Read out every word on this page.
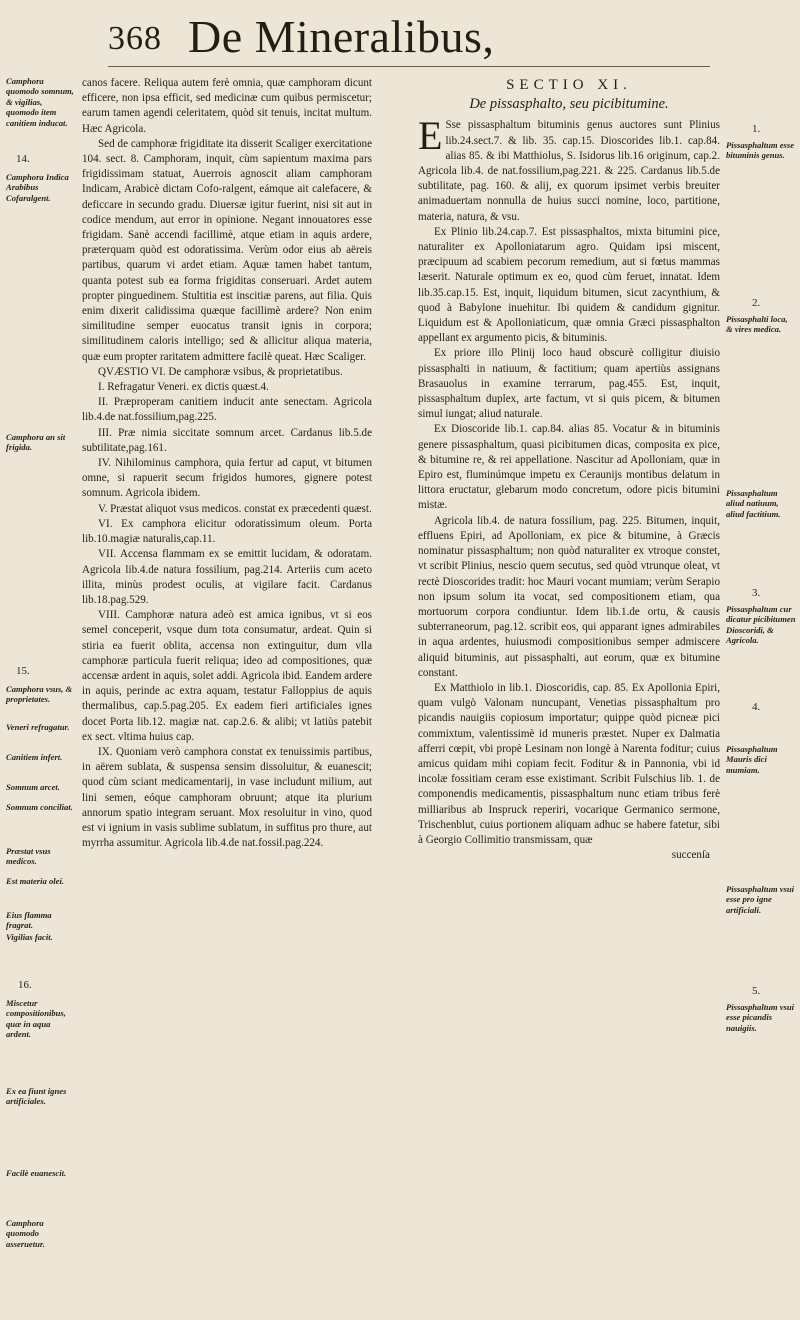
368 De Mineralibus,
Camphora quomodo somnum, & vigilias, quomodo item canitiem inducat.
14.
Camphora Indica Arabibus Cofaralgent.
Camphora an sit frigida.
15.
Camphora vsus, & proprietates.
Veneri refragatur.
Canitiem infert.
Somnum arcet.
Somnum conciliat.
Præstat vsus medicos.
Est materia olei.
Eius flamma fragrat.
Vigilias facit.
16.
Miscetur compositionibus, quæ in aqua ardent.
Ex ea fiunt ignes artificiales.
Facilè euanescit.
Camphora quomodo asseruetur.

canos facere. Reliqua autem ferè omnia, quæ camphoram dicunt efficere, non ipsa efficit, sed medicinæ cum quibus permiscetur; earum tamen agendi celeritatem, quòd sit tenuis, incitat multum. Hæc Agricola.

Sed de camphoræ frigiditate ita disserit Scaliger exercitatione 104. sect. 8. Camphoram, inquit, cùm sapientum maxima pars frigidissimam statuat, Auerrois agnoscit aliam camphoram Indicam, Arabicè dictam Cofo-ralgent, eámque ait calefacere, & deficcare in secundo gradu. Diuersæ igitur fuerint, nisi sit aut in codice mendum, aut error in opinione. Negant innouatores esse frigidam. Sanè accendi facillimè, atque etiam in aquis ardere, præterquam quòd est odoratissima. Verùm odor eius ab aëreis partibus, quarum vi ardet etiam. Aquæ tamen habet tantum, quanta potest sub ea forma frigiditas conseruari. Ardet autem propter pinguedinem. Stultitia est inscitiæ parens, aut filia. Quis enim dixerit calidissima quæque facillimè ardere? Non enim similitudine semper euocatus transit ignis in corpora; similitudinem caloris intelligo; sed & allicitur aliqua materia, quæ eum propter raritatem admittere facilè queat. Hæc Scaliger.

QVÆSTIO VI. De camphoræ vsibus, & proprietatibus.

I. Refragatur Veneri. ex dictis quæst.4.

II. Præproperam canitiem inducit ante senectam. Agricola lib.4.de nat.fossilium,pag.225.

III. Præ nimia siccitate somnum arcet. Cardanus lib.5.de subtilitate,pag.161.

IV. Nihilominus camphora, quia fertur ad caput, vt bitumen omne, si rapuerit secum frigidos humores, gignere potest somnum. Agricola ibidem.

V. Præstat aliquot vsus medicos. constat ex præcedenti quæst.

VI. Ex camphora elicitur odoratissimum oleum. Porta lib.10.magiæ naturalis,cap.11.

VII. Accensa flammam ex se emittit lucidam, & odoratam. Agricola lib.4.de natura fossilium, pag.214. Arteriis cum aceto illita, minùs prodest oculis, at vigilare facit. Cardanus lib.18.pag.529.

VIII. Camphoræ natura adeò est amica ignibus, vt si eos semel conceperit, vsque dum tota consumatur, ardeat. Quin si stiria ea fuerit oblita, accensa non extinguitur, dum vlla camphoræ particula fuerit reliqua; ideo ad compositiones, quæ accensæ ardent in aquis, solet addi. Agricola ibid. Eandem ardere in aquis, perinde ac extra aquam, testatur Falloppius de aquis thermalibus, cap.5.pag.205. Ex eadem fieri artificiales ignes docet Porta lib.12. magiæ nat. cap.2.6. & alibi; vt latiùs patebit ex sect. vltima huius cap.

IX. Quoniam verò camphora constat ex tenuissimis partibus, in aërem sublata, & suspensa sensim dissoluitur, & euanescit; quod cùm sciant medicamentarij, in vase includunt milium, aut lini semen, eóque camphoram obruunt; atque ita plurium annorum spatio integram seruant. Mox resoluitur in vino, quod est vi ignium in vasis sublime sublatum, in suffitus pro thure, aut myrrha assumitur. Agricola lib.4.de nat.fossil.pag.224.

SECTIO XI.
De pissasphalto, seu picibitumine.

E Sse pissasphaltum bituminis genus auctores sunt Plinius lib.24.sect.7. & lib. 35. cap.15. Dioscorides lib.1. cap.84. alias 85. & ibi Matthiolus, S. Isidorus lib.16 originum, cap.2. Agricola lib.4. de nat.fossilium,pag.221. & 225. Cardanus lib.5.de subtilitate, pag. 160. & alij, ex quorum ipsimet verbis breuiter animaduertam nonnulla de huius succi nomine, loco, partitione, materia, natura, & vsu.

Ex Plinio lib.24.cap.7. Est pissasphaltos, mixta bitumini pice, naturaliter ex Apolloniatarum agro. Quidam ipsi miscent, præcipuum ad scabiem pecorum remedium, aut si fœtus mammas læserit. Naturale optimum ex eo, quod cùm feruet, innatat. Idem lib.35.cap.15. Est, inquit, liquidum bitumen, sicut zacynthium, & quod à Babylone inuehitur. Ibi quidem & candidum gignitur. Liquidum est & Apolloniaticum, quæ omnia Græci pissasphalton appellant ex argumento picis, & bituminis.

Ex priore illo Plinij loco haud obscurè colligitur diuisio pissasphalti in natiuum, & factitium; quam apertiùs assignans Brasauolus in examine terrarum, pag.455. Est, inquit, pissasphaltum duplex, arte factum, vt si quis picem, & bitumen simul iungat; aliud naturale.

Ex Dioscoride lib.1. cap.84. alias 85. Vocatur & in bituminis genere pissasphaltum, quasi picibitumen dicas, composita ex pice, & bitumine re, & rei appellatione. Nascitur ad Apolloniam, quæ in Epiro est, fluminúmque impetu ex Ceraunijs montibus delatum in littora eructatur, glebarum modo concretum, odore picis bitumini mistæ.

Agricola lib.4. de natura fossilium, pag. 225. Bitumen, inquit, effluens Epiri, ad Apolloniam, ex pice & bitumine, à Græcis nominatur pissasphaltum; non quòd naturaliter ex vtroque constet, vt scribit Plinius, nescio quem secutus, sed quòd vtrunque oleat, vt rectè Dioscorides tradit: hoc Mauri vocant mumiam; verùm Serapio non ipsum solum ita vocat, sed compositionem etiam, qua mortuorum corpora condiuntur. Idem lib.1.de ortu, & causis subterraneorum, pag.12. scribit eos, qui apparant ignes admirabiles in aqua ardentes, huiusmodi compositionibus semper admiscere aliquid bituminis, aut pissasphalti, aut eorum, quæ ex bitumine constant.

Ex Matthiolo in lib.1. Dioscoridis, cap. 85. Ex Apollonia Epiri, quam vulgò Valonam nuncupant, Venetias pissasphaltum pro picandis nauigiis copiosum importatur; quippe quòd picneæ pici commixtum, valentissimè id muneris præstet. Nuper ex Dalmatia afferri cœpit, vbi propè Lesinam non longè à Narenta foditur; cuius amicus quidam mihi copiam fecit. Foditur & in Pannonia, vbi id incolæ fossitiam ceram esse existimant. Scribit Fulschius lib. 1. de componendis medicamentis, pissasphaltum nunc etiam tribus ferè milliaribus ab Inspruck reperiri, vocarique Germanico sermone, Trischenblut, cuius portionem aliquam adhuc se habere fatetur, sibi à Georgio Collimitio transmissam, quæ

succenſa
1.
Pissasphaltum esse bituminis genus.
2.
Pissasphalti loca, & vires medica.
Pissasphaltum aliud natiuum, aliud factitium.
3.
Pissasphaltum cur dicatur picibitumen Dioscoridi, & Agricola.
4.
Pissasphaltum Mauris dici mumiam.
Pissasphaltum vsui esse pro igne artificiali.
5.
Pissasphaltum vsui esse picandis nauigiis.
